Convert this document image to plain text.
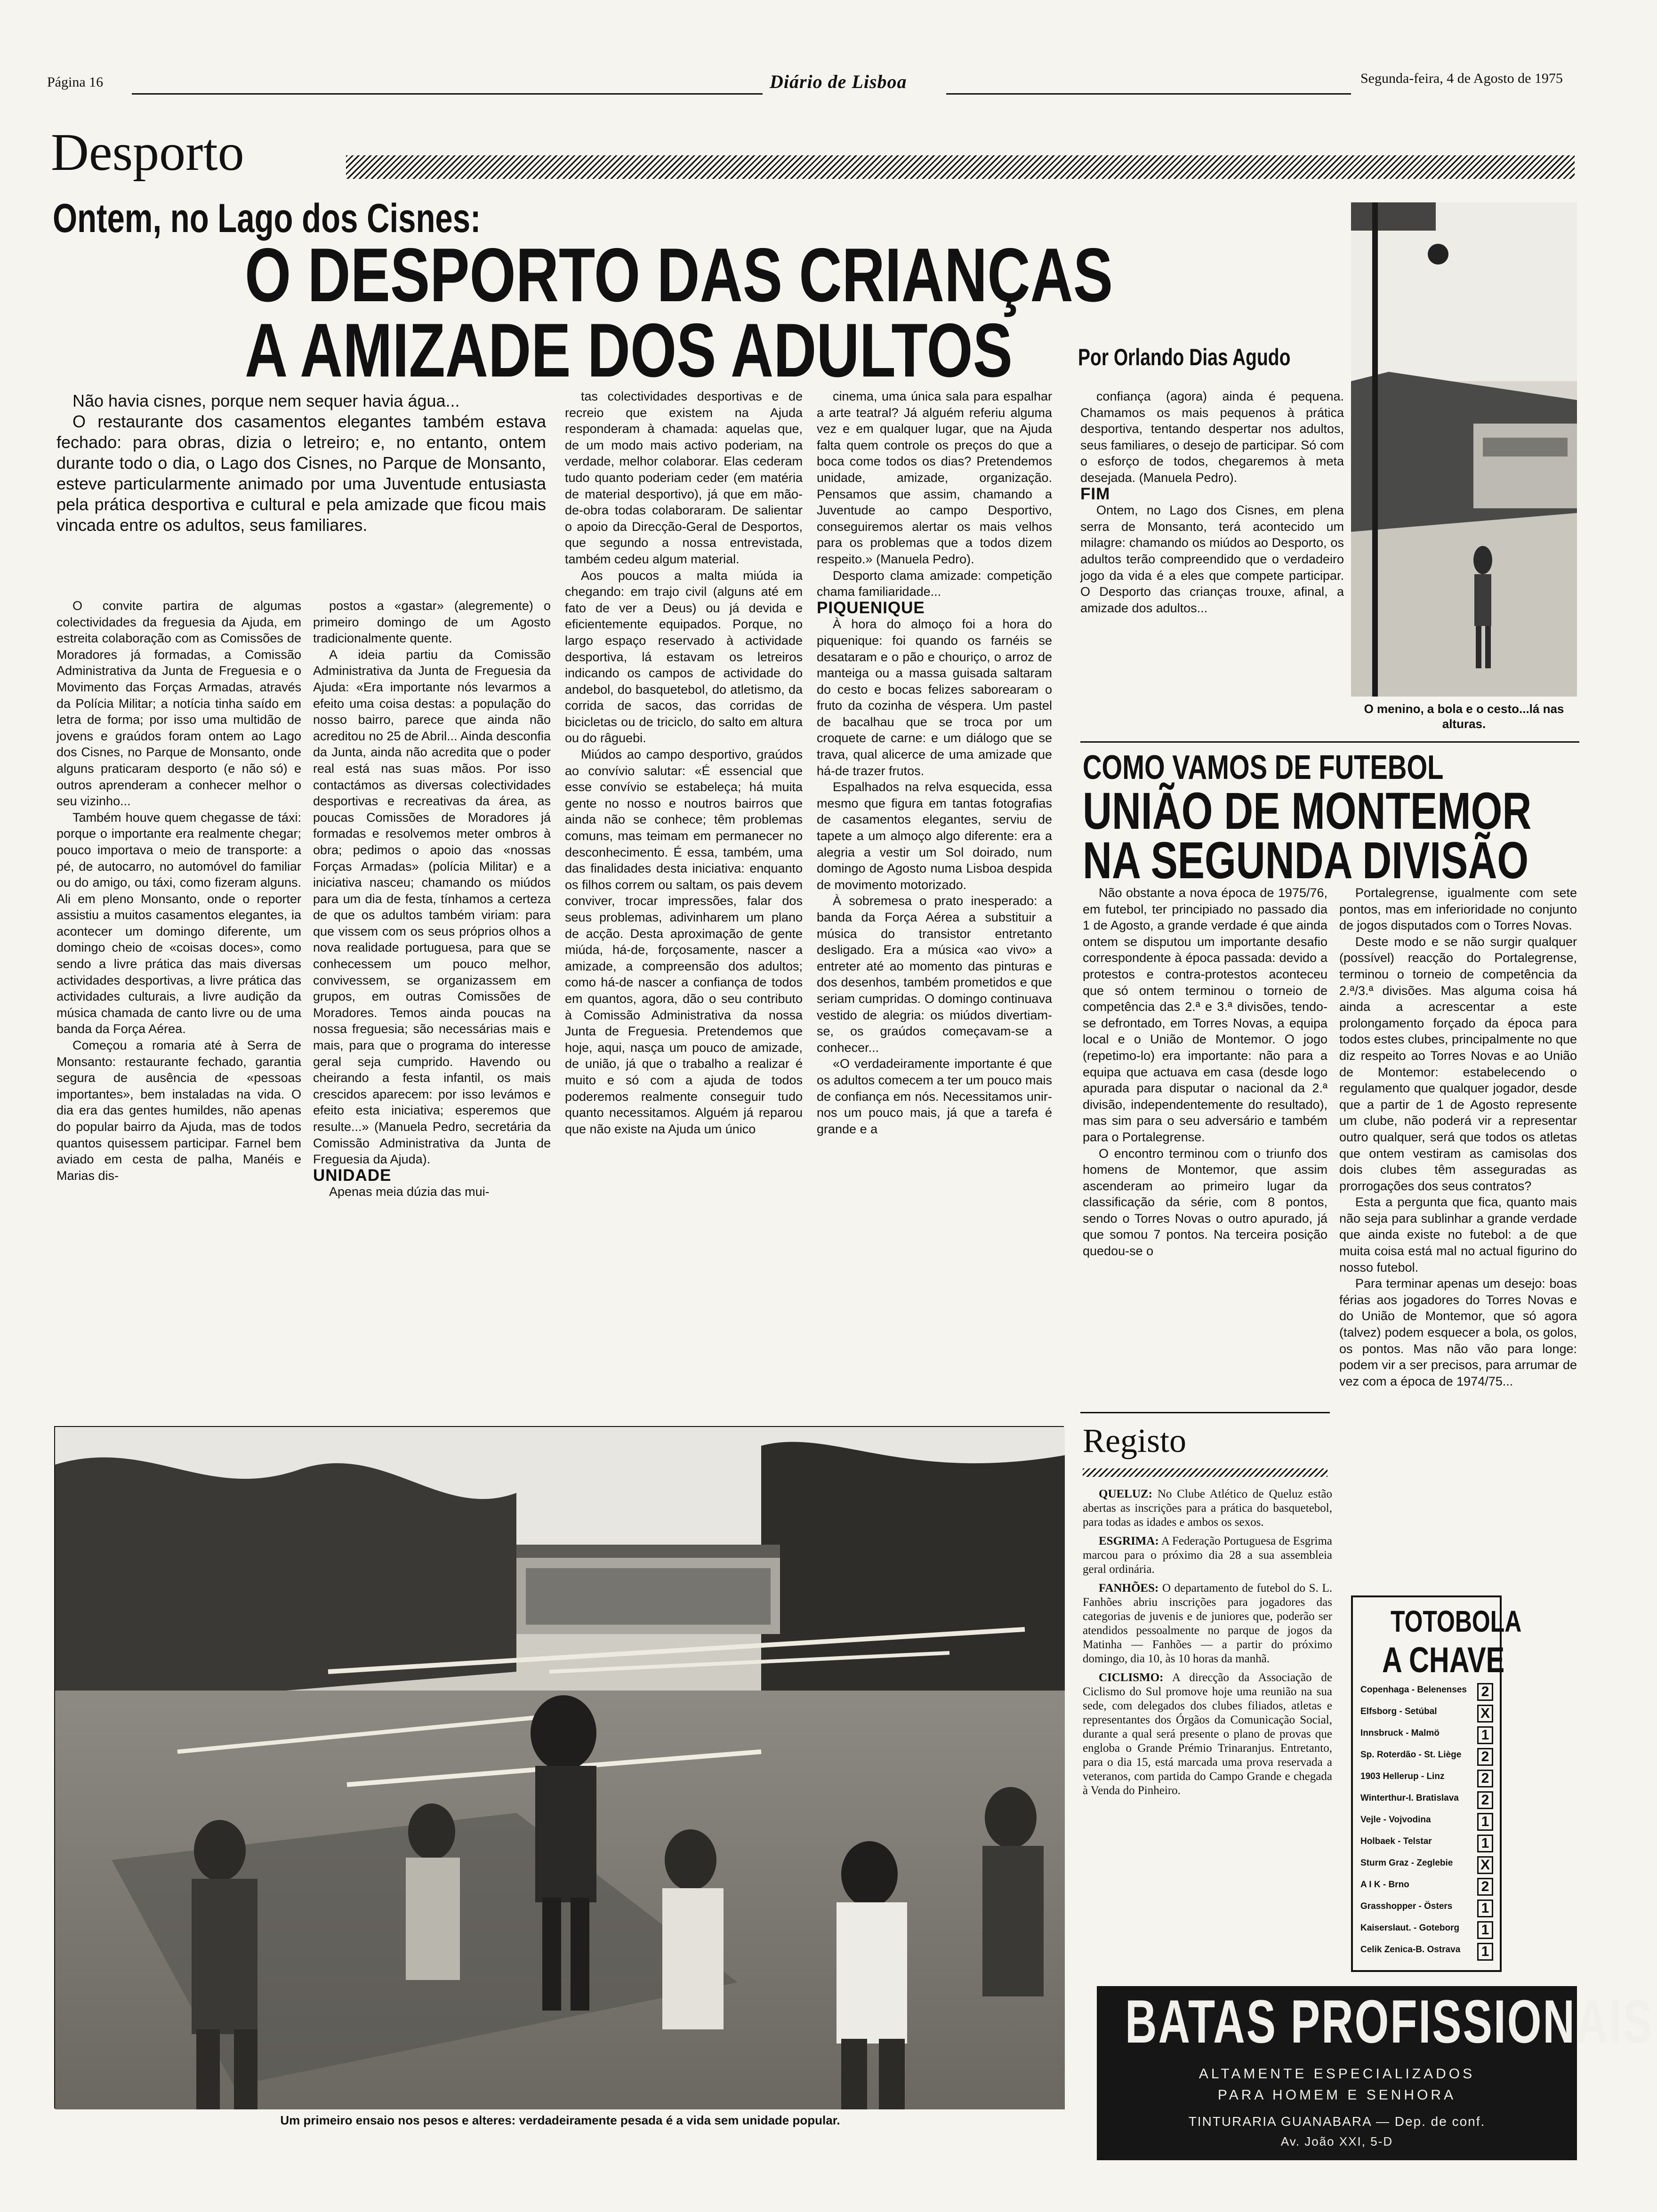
Página 16	Diário de Lisboa	Segunda-feira, 4 de Agosto de 1975
Desporto
Ontem, no Lago dos Cisnes:
O DESPORTO DAS CRIANÇAS
A AMIZADE DOS ADULTOS	Por Orlando Dias Agudo

Não havia cisnes, porque nem sequer havia água...

O restaurante dos casamentos elegantes também estava fechado: para obras, dizia o letreiro; e, no entanto, ontem durante todo o dia, o Lago dos Cisnes, no Parque de Monsanto, esteve particularmente animado por uma Juventude entusiasta pela prática desportiva e cultural e pela amizade que ficou mais vincada entre os adultos, seus familiares.

O convite partira de algumas colectividades da freguesia da Ajuda, em estreita colaboração com as Comissões de Moradores já formadas, a Comissão Administrativa da Junta de Freguesia e o Movimento das Forças Armadas, através da Polícia Militar; a notícia tinha saído em letra de forma; por isso uma multidão de jovens e graúdos foram ontem ao Lago dos Cisnes, no Parque de Monsanto, onde alguns praticaram desporto (e não só) e outros aprenderam a conhecer melhor o seu vizinho...

Também houve quem chegasse de táxi: porque o importante era realmente chegar; pouco importava o meio de transporte: a pé, de autocarro, no automóvel do familiar ou do amigo, ou táxi, como fizeram alguns. Ali em pleno Monsanto, onde o reporter assistiu a muitos casamentos elegantes, ia acontecer um domingo diferente, um domingo cheio de «coisas doces», como sendo a livre prática das mais diversas actividades desportivas, a livre prática das actividades culturais, a livre audição da música chamada de canto livre ou de uma banda da Força Aérea.

Começou a romaria até à Serra de Monsanto: restaurante fechado, garantia segura de ausência de «pessoas importantes», bem instaladas na vida. O dia era das gentes humildes, não apenas do popular bairro da Ajuda, mas de todos quantos quisessem participar. Farnel bem aviado em cesta de palha, Manéis e Marias dis-

postos a «gastar» (alegremente) o primeiro domingo de um Agosto tradicionalmente quente.

A ideia partiu da Comissão Administrativa da Junta de Freguesia da Ajuda: «Era importante nós levarmos a efeito uma coisa destas: a população do nosso bairro, parece que ainda não acreditou no 25 de Abril... Ainda desconfia da Junta, ainda não acredita que o poder real está nas suas mãos. Por isso contactámos as diversas colectividades desportivas e recreativas da área, as poucas Comissões de Moradores já formadas e resolvemos meter ombros à obra; pedimos o apoio das «nossas Forças Armadas» (polícia Militar) e a iniciativa nasceu; chamando os miúdos para um dia de festa, tínhamos a certeza de que os adultos também viriam: para que vissem com os seus próprios olhos a nova realidade portuguesa, para que se conhecessem um pouco melhor, convivessem, se organizassem em grupos, em outras Comissões de Moradores. Temos ainda poucas na nossa freguesia; são necessárias mais e mais, para que o programa do interesse geral seja cumprido. Havendo ou cheirando a festa infantil, os mais crescidos aparecem: por isso levámos e efeito esta iniciativa; esperemos que resulte...» (Manuela Pedro, secretária da Comissão Administrativa da Junta de Freguesia da Ajuda).

UNIDADE

Apenas meia dúzia das mui-

tas colectividades desportivas e de recreio que existem na Ajuda responderam à chamada: aquelas que, de um modo mais activo poderiam, na verdade, melhor colaborar. Elas cederam tudo quanto poderiam ceder (em matéria de material desportivo), já que em mão-de-obra todas colaboraram. De salientar o apoio da Direcção-Geral de Desportos, que segundo a nossa entrevistada, também cedeu algum material.

Aos poucos a malta miúda ia chegando: em trajo civil (alguns até em fato de ver a Deus) ou já devida e eficientemente equipados. Porque, no largo espaço reservado à actividade desportiva, lá estavam os letreiros indicando os campos de actividade do andebol, do basquetebol, do atletismo, da corrida de sacos, das corridas de bicicletas ou de triciclo, do salto em altura ou do râguebi.

Miúdos ao campo desportivo, graúdos ao convívio salutar: «É essencial que esse convívio se estabeleça; há muita gente no nosso e noutros bairros que ainda não se conhece; têm problemas comuns, mas teimam em permanecer no desconhecimento. É essa, também, uma das finalidades desta iniciativa: enquanto os filhos correm ou saltam, os pais devem conviver, trocar impressões, falar dos seus problemas, adivinharem um plano de acção. Desta aproximação de gente miúda, há-de, forçosamente, nascer a amizade, a compreensão dos adultos; como há-de nascer a confiança de todos em quantos, agora, dão o seu contributo à Comissão Administrativa da nossa Junta de Freguesia. Pretendemos que hoje, aqui, nasça um pouco de amizade, de união, já que o trabalho a realizar é muito e só com a ajuda de todos poderemos realmente conseguir tudo quanto necessitamos. Alguém já reparou que não existe na Ajuda um único

cinema, uma única sala para espalhar a arte teatral? Já alguém referiu alguma vez e em qualquer lugar, que na Ajuda falta quem controle os preços do que a boca come todos os dias? Pretendemos unidade, amizade, organização. Pensamos que assim, chamando a Juventude ao campo Desportivo, conseguiremos alertar os mais velhos para os problemas que a todos dizem respeito.» (Manuela Pedro).

Desporto clama amizade: competição chama familiaridade...

PIQUENIQUE

À hora do almoço foi a hora do piquenique: foi quando os farnéis se desataram e o pão e chouriço, o arroz de manteiga ou a massa guisada saltaram do cesto e bocas felizes saborearam o fruto da cozinha de véspera. Um pastel de bacalhau que se troca por um croquete de carne: e um diálogo que se trava, qual alicerce de uma amizade que há-de trazer frutos.

Espalhados na relva esquecida, essa mesmo que figura em tantas fotografias de casamentos elegantes, serviu de tapete a um almoço algo diferente: era a alegria a vestir um Sol doirado, num domingo de Agosto numa Lisboa despida de movimento motorizado.

À sobremesa o prato inesperado: a banda da Força Aérea a substituir a música do transistor entretanto desligado. Era a música «ao vivo» a entreter até ao momento das pinturas e dos desenhos, também prometidos e que seriam cumpridas. O domingo continuava vestido de alegria: os miúdos divertiam-se, os graúdos começavam-se a conhecer...

«O verdadeiramente importante é que os adultos comecem a ter um pouco mais de confiança em nós. Necessitamos unir-nos um pouco mais, já que a tarefa é grande e a

confiança (agora) ainda é pequena. Chamamos os mais pequenos à prática desportiva, tentando despertar nos adultos, seus familiares, o desejo de participar. Só com o esforço de todos, chegaremos à meta desejada. (Manuela Pedro).

FIM

Ontem, no Lago dos Cisnes, em plena serra de Monsanto, terá acontecido um milagre: chamando os miúdos ao Desporto, os adultos terão compreendido que o verdadeiro jogo da vida é a eles que compete participar. O Desporto das crianças trouxe, afinal, a amizade dos adultos...

O menino, a bola e o cesto...lá nas alturas.
COMO VAMOS DE FUTEBOL
UNIÃO DE MONTEMOR
NA SEGUNDA DIVISÃO

Não obstante a nova época de 1975/76, em futebol, ter principiado no passado dia 1 de Agosto, a grande verdade é que ainda ontem se disputou um importante desafio correspondente à época passada: devido a protestos e contra-protestos aconteceu que só ontem terminou o torneio de competência das 2.ª e 3.ª divisões, tendo-se defrontado, em Torres Novas, a equipa local e o União de Montemor. O jogo (repetimo-lo) era importante: não para a equipa que actuava em casa (desde logo apurada para disputar o nacional da 2.ª divisão, independentemente do resultado), mas sim para o seu adversário e também para o Portalegrense.

O encontro terminou com o triunfo dos homens de Montemor, que assim ascenderam ao primeiro lugar da classificação da série, com 8 pontos, sendo o Torres Novas o outro apurado, já que somou 7 pontos. Na terceira posição quedou-se o

Portalegrense, igualmente com sete pontos, mas em inferioridade no conjunto de jogos disputados com o Torres Novas.

Deste modo e se não surgir qualquer (possível) reacção do Portalegrense, terminou o torneio de competência da 2.ª/3.ª divisões. Mas alguma coisa há ainda a acrescentar a este prolongamento forçado da época para todos estes clubes, principalmente no que diz respeito ao Torres Novas e ao União de Montemor: estabelecendo o regulamento que qualquer jogador, desde que a partir de 1 de Agosto represente um clube, não poderá vir a representar outro qualquer, será que todos os atletas que ontem vestiram as camisolas dos dois clubes têm asseguradas as prorrogações dos seus contratos?

Esta a pergunta que fica, quanto mais não seja para sublinhar a grande verdade que ainda existe no futebol: a de que muita coisa está mal no actual figurino do nosso futebol.

Para terminar apenas um desejo: boas férias aos jogadores do Torres Novas e do União de Montemor, que só agora (talvez) podem esquecer a bola, os golos, os pontos. Mas não vão para longe: podem vir a ser precisos, para arrumar de vez com a época de 1974/75...

Registo

QUELUZ: No Clube Atlético de Queluz estão abertas as inscrições para a prática do basquetebol, para todas as idades e ambos os sexos.

ESGRIMA: A Federação Portuguesa de Esgrima marcou para o próximo dia 28 a sua assembleia geral ordinária.

FANHÕES: O departamento de futebol do S. L. Fanhões abriu inscrições para jogadores das categorias de juvenis e de juniores que, poderão ser atendidos pessoalmente no parque de jogos da Matinha — Fanhões — a partir do próximo domingo, dia 10, às 10 horas da manhã.

CICLISMO: A direcção da Associação de Ciclismo do Sul promove hoje uma reunião na sua sede, com delegados dos clubes filiados, atletas e representantes dos Órgãos da Comunicação Social, durante a qual será presente o plano de provas que engloba o Grande Prémio Trinaranjus. Entretanto, para o dia 15, está marcada uma prova reservada a veteranos, com partida do Campo Grande e chegada à Venda do Pinheiro.

TOTOBOLA
A CHAVE
Copenhaga - Belenenses	2
Elfsborg - Setúbal	X
Innsbruck - Malmö	1
Sp. Roterdão - St. Liège	2
1903 Hellerup - Linz	2
Winterthur-I. Bratislava	2
Vejle - Vojvodina	1
Holbaek - Telstar	1
Sturm Graz - Zeglebie	X
A I K - Brno	2
Grasshopper - Östers	1
Kaiserslaut. - Goteborg	1
Celik Zenica-B. Ostrava	1
Um primeiro ensaio nos pesos e alteres: verdadeiramente pesada é a vida sem unidade popular.
BATAS PROFISSIONAIS
ALTAMENTE ESPECIALIZADOS
PARA HOMEM E SENHORA
TINTURARIA GUANABARA — Dep. de conf.
Av. João XXI, 5-D
